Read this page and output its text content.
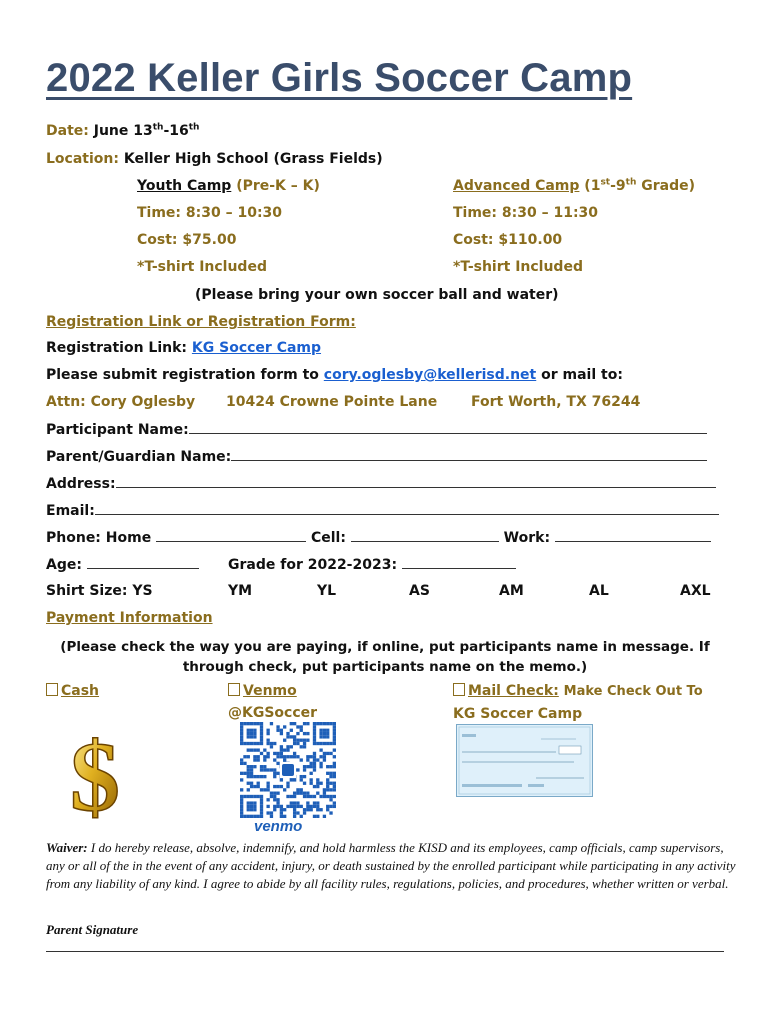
2022 Keller Girls Soccer Camp
Date: June 13th-16th
Location: Keller High School (Grass Fields)
Youth Camp (Pre-K – K)
Time: 8:30 – 10:30
Cost: $75.00
*T-shirt Included
Advanced Camp (1st-9th Grade)
Time: 8:30 – 11:30
Cost: $110.00
*T-shirt Included
(Please bring your own soccer ball and water)
Registration Link or Registration Form:
Registration Link: KG Soccer Camp
Please submit registration form to cory.oglesby@kellerisd.net or mail to:
Attn: Cory Oglesby 10424 Crowne Pointe Lane Fort Worth, TX 76244
Participant Name:
Parent/Guardian Name:
Address:
Email:
Phone: Home	Cell:	Work:
Age:	Grade for 2022-2023:
Shirt Size: YS	YM	YL	AS	AM	AL	AXL
Payment Information
(Please check the way you are paying, if online, put participants name in message. If through check, put participants name on the memo.)
Cash	Venmo
@KGSoccer
Mail Check: Make Check Out To
KG Soccer Camp
$	venmo
Waiver: I do hereby release, absolve, indemnify, and hold harmless the KISD and its employees, camp officials, camp supervisors, any or all of the in the event of any accident, injury, or death sustained by the enrolled participant while participating in any activity from any liability of any kind. I agree to abide by all facility rules, regulations, policies, and procedures, whether written or verbal.
Parent Signature
